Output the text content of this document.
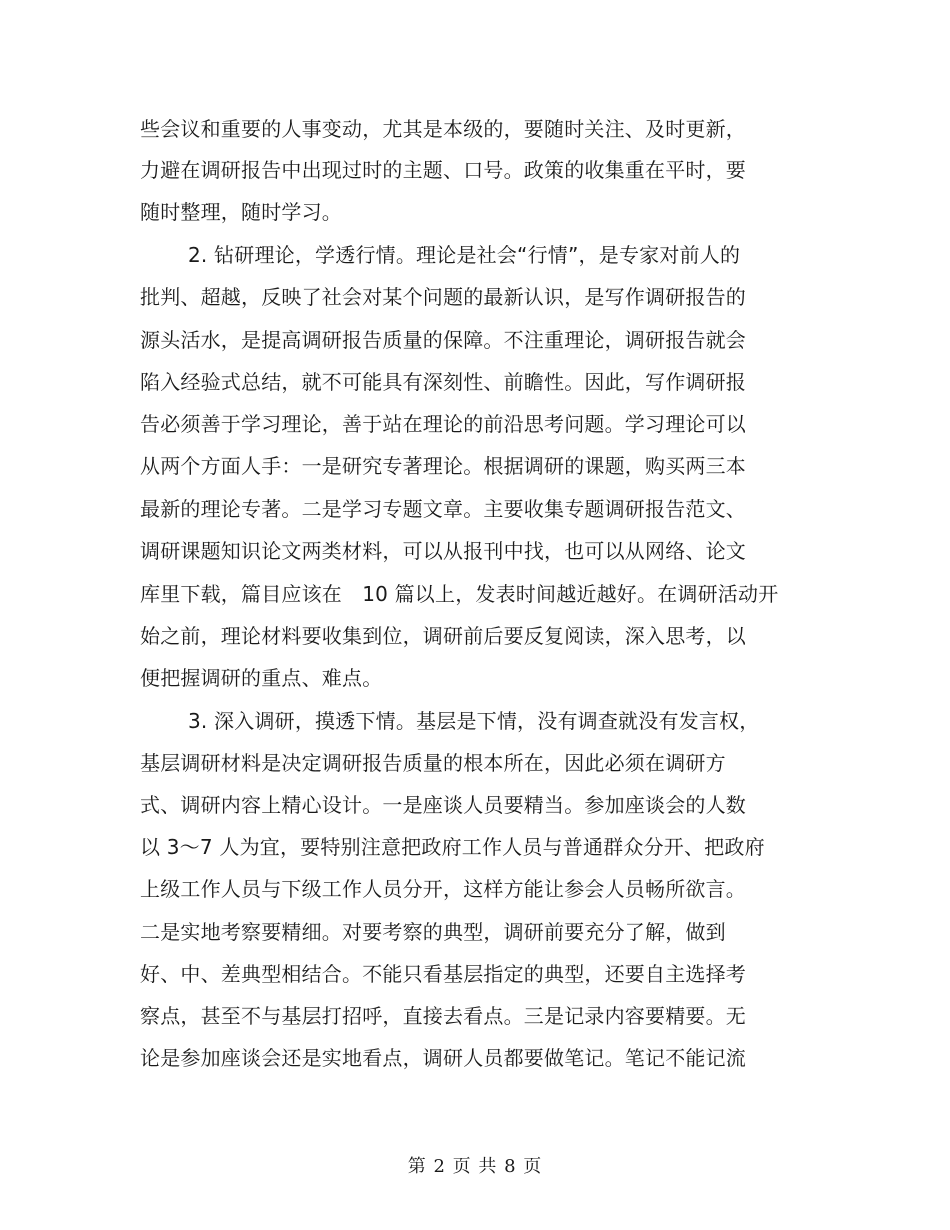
些会议和重要的人事变动，尤其是本级的，要随时关注、及时更新，
力避在调研报告中出现过时的主题、口号。政策的收集重在平时，要
随时整理，随时学习。
2. 钻研理论，学透行情。理论是社会“行情”，是专家对前人的
批判、超越，反映了社会对某个问题的最新认识，是写作调研报告的
源头活水，是提高调研报告质量的保障。不注重理论，调研报告就会
陷入经验式总结，就不可能具有深刻性、前瞻性。因此，写作调研报
告必须善于学习理论，善于站在理论的前沿思考问题。学习理论可以
从两个方面人手：一是研究专著理论。根据调研的课题，购买两三本
最新的理论专著。二是学习专题文章。主要收集专题调研报告范文、
调研课题知识论文两类材料，可以从报刊中找，也可以从网络、论文
库里下载，篇目应该在　10 篇以上，发表时间越近越好。在调研活动开
始之前，理论材料要收集到位，调研前后要反复阅读，深入思考，以
便把握调研的重点、难点。
3. 深入调研，摸透下情。基层是下情，没有调查就没有发言权，
基层调研材料是决定调研报告质量的根本所在，因此必须在调研方
式、调研内容上精心设计。一是座谈人员要精当。参加座谈会的人数
以 3～7 人为宜，要特别注意把政府工作人员与普通群众分开、把政府
上级工作人员与下级工作人员分开，这样方能让参会人员畅所欲言。
二是实地考察要精细。对要考察的典型，调研前要充分了解，做到
好、中、差典型相结合。不能只看基层指定的典型，还要自主选择考
察点，甚至不与基层打招呼，直接去看点。三是记录内容要精要。无
论是参加座谈会还是实地看点，调研人员都要做笔记。笔记不能记流
第 2 页 共 8 页
